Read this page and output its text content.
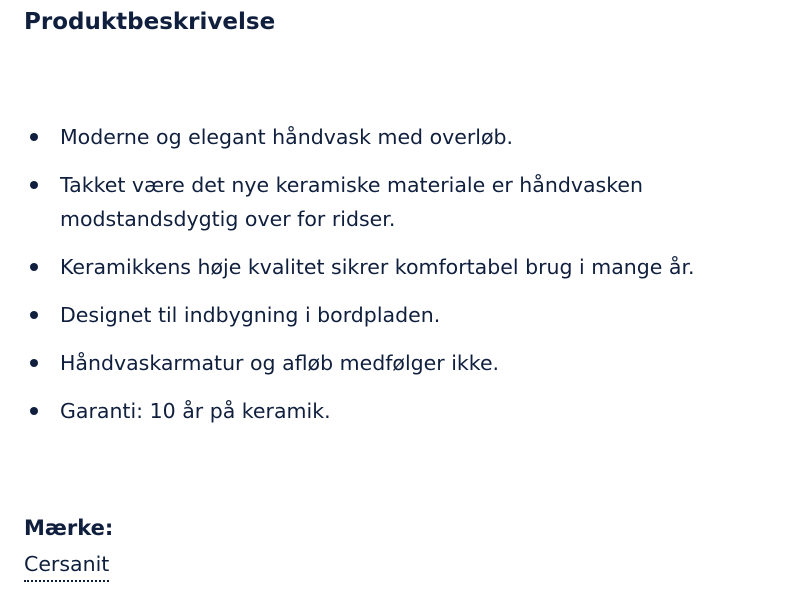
Produktbeskrivelse
Moderne og elegant håndvask med overløb.
Takket være det nye keramiske materiale er håndvasken modstandsdygtig over for ridser.
Keramikkens høje kvalitet sikrer komfortabel brug i mange år.
Designet til indbygning i bordpladen.
Håndvaskarmatur og afløb medfølger ikke.
Garanti: 10 år på keramik.

Mærke:

Cersanit
